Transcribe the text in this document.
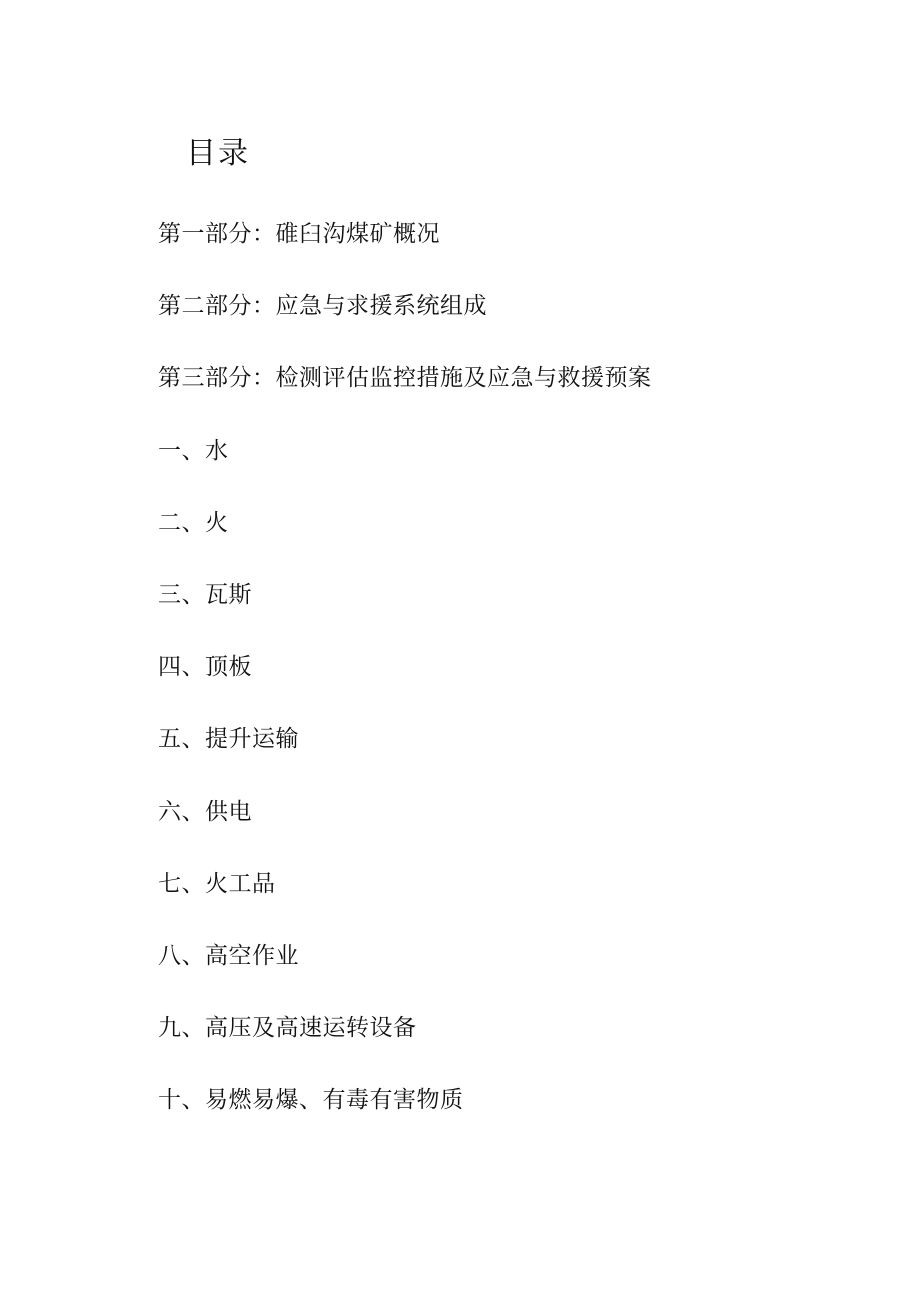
目录
第一部分：碓臼沟煤矿概况
第二部分：应急与求援系统组成
第三部分：检测评估监控措施及应急与救援预案
一、水
二、火
三、瓦斯
四、顶板
五、提升运输
六、供电
七、火工品
八、高空作业
九、高压及高速运转设备
十、易燃易爆、有毒有害物质
